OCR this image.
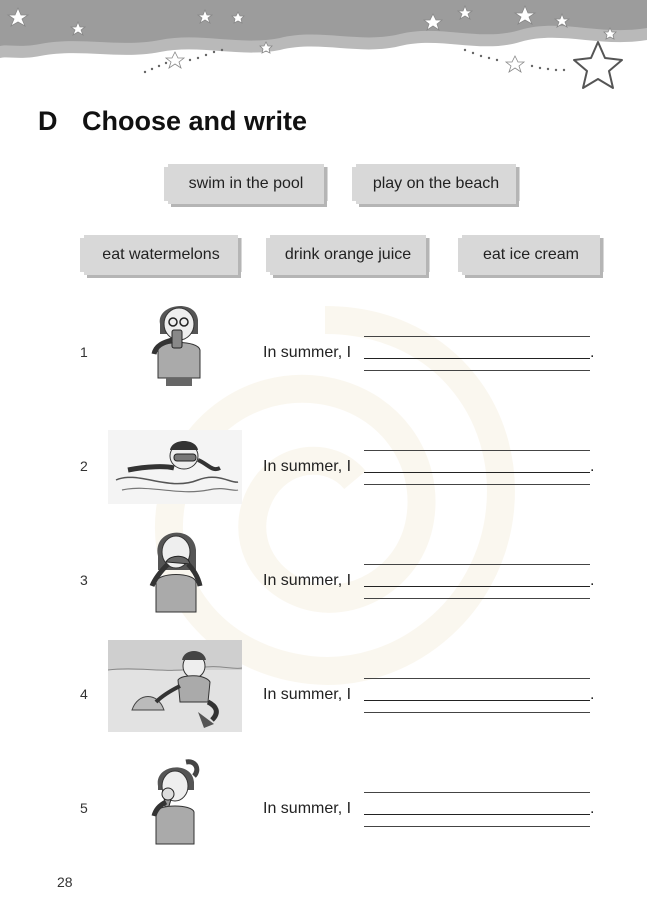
D Choose and write
swim in the pool	play on the beach
eat watermelons	drink orange juice	eat ice cream
1	In summer, I	.
2	In summer, I	.
3	In summer, I	.
4	In summer, I	.
5	In summer, I	.
28
